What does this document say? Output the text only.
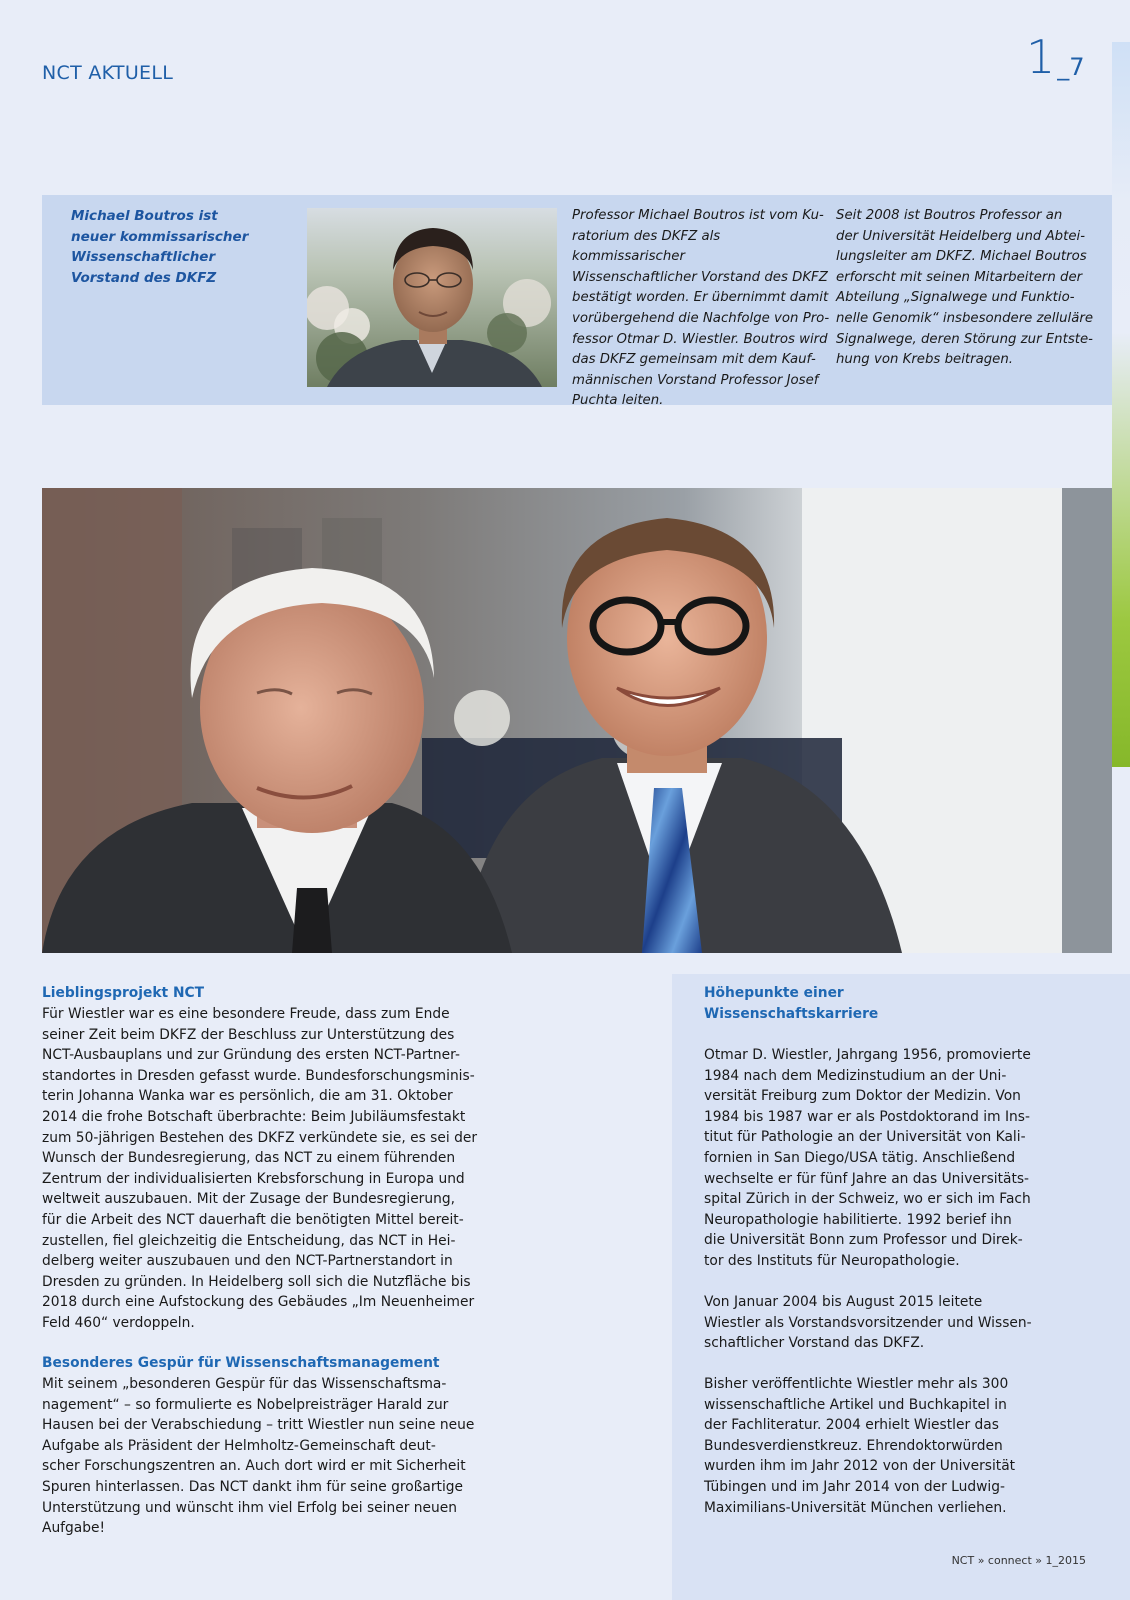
NCT AKTUELL	1_7

Michael Boutros ist
neuer kommissarischer
Wissenschaftlicher
Vorstand des DKFZ

Professor Michael Boutros ist vom Ku-
ratorium des DKFZ als kommissarischer
Wissenschaftlicher Vorstand des DKFZ
bestätigt worden. Er übernimmt damit
vorübergehend die Nachfolge von Pro-
fessor Otmar D. Wiestler. Boutros wird
das DKFZ gemeinsam mit dem Kauf-
männischen Vorstand Professor Josef
Puchta leiten.

Seit 2008 ist Boutros Professor an
der Universität Heidelberg und Abtei-
lungsleiter am DKFZ. Michael Boutros
erforscht mit seinen Mitarbeitern der
Abteilung „Signalwege und Funktio-
nelle Genomik“ insbesondere zelluläre
Signalwege, deren Störung zur Entste-
hung von Krebs beitragen.

Lieblingsprojekt NCT

Für Wiestler war es eine besondere Freude, dass zum Ende
seiner Zeit beim DKFZ der Beschluss zur Unterstützung des
NCT-Ausbauplans und zur Gründung des ersten NCT-Partner-
standortes in Dresden gefasst wurde. Bundesforschungsminis-
terin Johanna Wanka war es persönlich, die am 31. Oktober
2014 die frohe Botschaft überbrachte: Beim Jubiläumsfestakt
zum 50-jährigen Bestehen des DKFZ verkündete sie, es sei der
Wunsch der Bundesregierung, das NCT zu einem führenden
Zentrum der individualisierten Krebsforschung in Europa und
weltweit auszubauen. Mit der Zusage der Bundesregierung,
für die Arbeit des NCT dauerhaft die benötigten Mittel bereit-
zustellen, fiel gleichzeitig die Entscheidung, das NCT in Hei-
delberg weiter auszubauen und den NCT-Partnerstandort in
Dresden zu gründen. In Heidelberg soll sich die Nutzfläche bis
2018 durch eine Aufstockung des Gebäudes „Im Neuenheimer
Feld 460“ verdoppeln.

Besonderes Gespür für Wissenschaftsmanagement

Mit seinem „besonderen Gespür für das Wissenschaftsma-
nagement“ – so formulierte es Nobelpreisträger Harald zur
Hausen bei der Verabschiedung – tritt Wiestler nun seine neue
Aufgabe als Präsident der Helmholtz-Gemeinschaft deut-
scher Forschungszentren an. Auch dort wird er mit Sicherheit
Spuren hinterlassen. Das NCT dankt ihm für seine großartige
Unterstützung und wünscht ihm viel Erfolg bei seiner neuen
Aufgabe!

Höhepunkte einer
Wissenschaftskarriere

Otmar D. Wiestler, Jahrgang 1956, promovierte
1984 nach dem Medizinstudium an der Uni-
versität Freiburg zum Doktor der Medizin. Von
1984 bis 1987 war er als Postdoktorand im Ins-
titut für Pathologie an der Universität von Kali-
fornien in San Diego/USA tätig. Anschließend
wechselte er für fünf Jahre an das Universitäts-
spital Zürich in der Schweiz, wo er sich im Fach
Neuropathologie habilitierte. 1992 berief ihn
die Universität Bonn zum Professor und Direk-
tor des Instituts für Neuropathologie.

Von Januar 2004 bis August 2015 leitete
Wiestler als Vorstandsvorsitzender und Wissen-
schaftlicher Vorstand das DKFZ.

Bisher veröffentlichte Wiestler mehr als 300
wissenschaftliche Artikel und Buchkapitel in
der Fachliteratur. 2004 erhielt Wiestler das
Bundesverdienstkreuz. Ehrendoktorwürden
wurden ihm im Jahr 2012 von der Universität
Tübingen und im Jahr 2014 von der Ludwig-
Maximilians-Universität München verliehen.

NCT » connect » 1_2015
